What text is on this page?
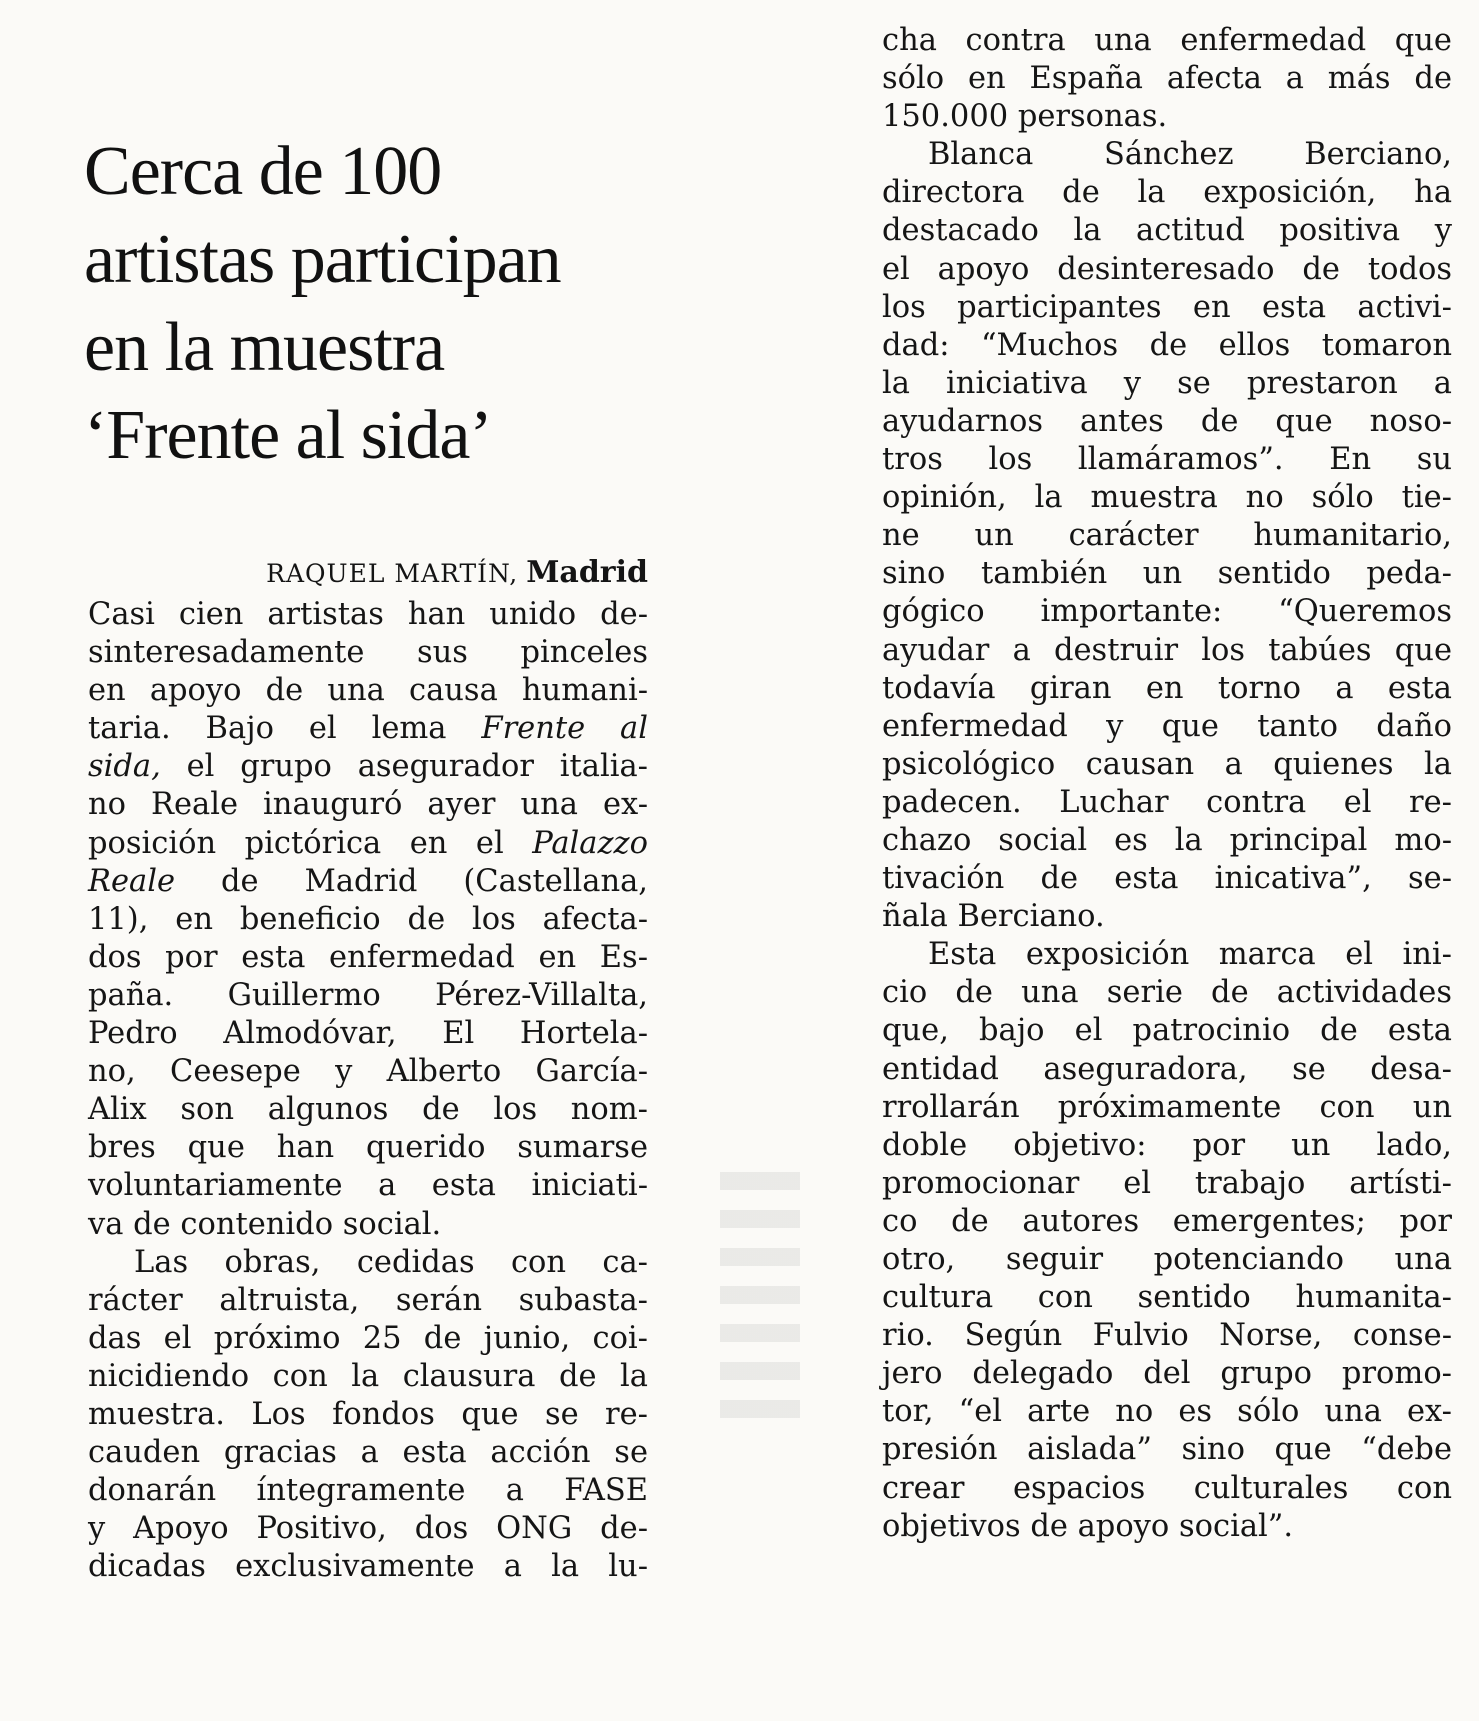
Cerca de 100
artistas participan
en la muestra
‘Frente al sida’
RAQUEL MARTÍN, Madrid
Casi cien artistas han unido de-
sinteresadamente sus pinceles
en apoyo de una causa humani-
taria. Bajo el lema Frente al
sida, el grupo asegurador italia-
no Reale inauguró ayer una ex-
posición pictórica en el Palazzo
Reale de Madrid (Castellana,
11), en beneficio de los afecta-
dos por esta enfermedad en Es-
paña. Guillermo Pérez-Villalta,
Pedro Almodóvar, El Hortela-
no, Ceesepe y Alberto García-
Alix son algunos de los nom-
bres que han querido sumarse
voluntariamente a esta iniciati-
va de contenido social.
Las obras, cedidas con ca-
rácter altruista, serán subasta-
das el próximo 25 de junio, coi-
nicidiendo con la clausura de la
muestra. Los fondos que se re-
cauden gracias a esta acción se
donarán íntegramente a FASE
y Apoyo Positivo, dos ONG de-
dicadas exclusivamente a la lu-
cha contra una enfermedad que
sólo en España afecta a más de
150.000 personas.
Blanca Sánchez Berciano,
directora de la exposición, ha
destacado la actitud positiva y
el apoyo desinteresado de todos
los participantes en esta activi-
dad: “Muchos de ellos tomaron
la iniciativa y se prestaron a
ayudarnos antes de que noso-
tros los llamáramos”. En su
opinión, la muestra no sólo tie-
ne un carácter humanitario,
sino también un sentido peda-
gógico importante: “Queremos
ayudar a destruir los tabúes que
todavía giran en torno a esta
enfermedad y que tanto daño
psicológico causan a quienes la
padecen. Luchar contra el re-
chazo social es la principal mo-
tivación de esta inicativa”, se-
ñala Berciano.
Esta exposición marca el ini-
cio de una serie de actividades
que, bajo el patrocinio de esta
entidad aseguradora, se desa-
rrollarán próximamente con un
doble objetivo: por un lado,
promocionar el trabajo artísti-
co de autores emergentes; por
otro, seguir potenciando una
cultura con sentido humanita-
rio. Según Fulvio Norse, conse-
jero delegado del grupo promo-
tor, “el arte no es sólo una ex-
presión aislada” sino que “debe
crear espacios culturales con
objetivos de apoyo social”.
